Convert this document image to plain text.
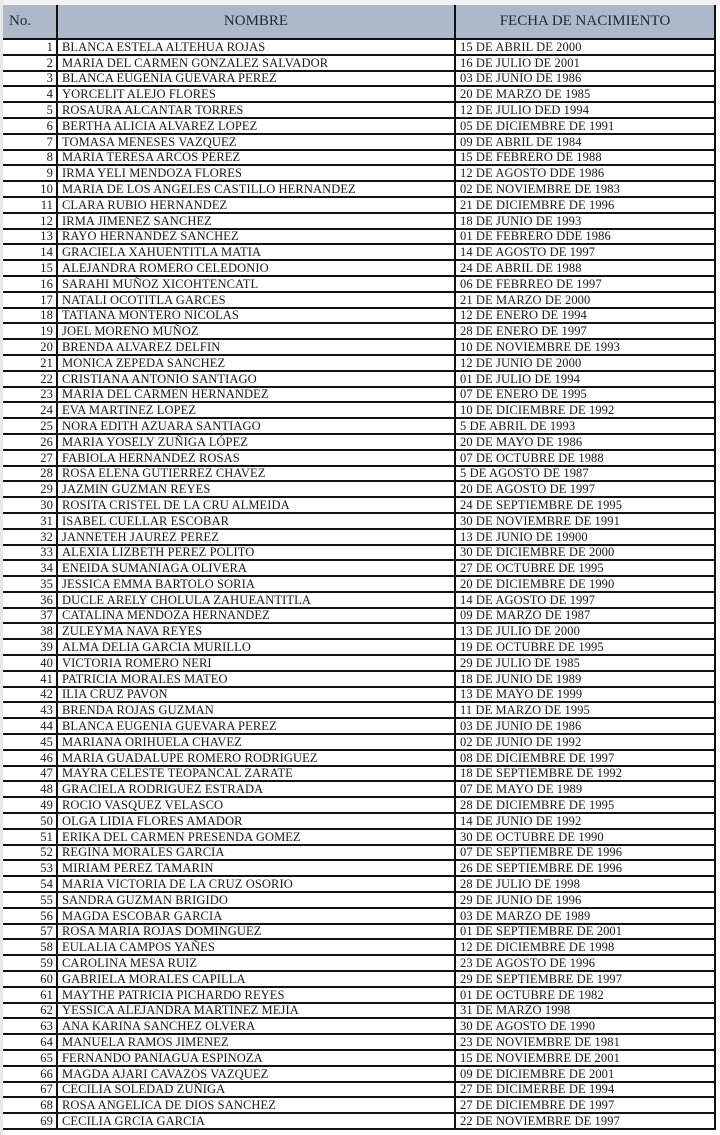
No.	NOMBRE	FECHA DE NACIMIENTO
1	BLANCA ESTELA ALTEHUA ROJAS	15 DE ABRIL DE 2000
2	MARIA DEL CARMEN GONZALEZ SALVADOR	16 DE JULIO DE 2001
3	BLANCA EUGENIA GUEVARA PEREZ	03 DE JUNIO DE 1986
4	YORCELIT ALEJO FLORES	20 DE MARZO DE 1985
5	ROSAURA ALCANTAR TORRES	12 DE JULIO DED 1994
6	BERTHA ALICIA ALVAREZ LOPEZ	05 DE DICIEMBRE DE 1991
7	TOMASA MENESES VAZQUEZ	09 DE ABRIL DE 1984
8	MARIA TERESA ARCOS PEREZ	15 DE FEBRERO DE 1988
9	IRMA YELI MENDOZA FLORES	12 DE AGOSTO DDE 1986
10	MARIA DE LOS ANGELES CASTILLO HERNANDEZ	02 DE NOVIEMBRE DE 1983
11	CLARA RUBIO HERNANDEZ	21 DE DICIEMBRE DE 1996
12	IRMA JIMENEZ SANCHEZ	18 DE JUNIO DE 1993
13	RAYO HERNANDEZ SANCHEZ	01 DE FEBRERO DDE 1986
14	GRACIELA XAHUENTITLA MATIA	14 DE AGOSTO DE 1997
15	ALEJANDRA ROMERO CELEDONIO	24 DE ABRIL DE 1988
16	SARAHI MUÑOZ XICOHTENCATL	06 DE FEBRREO DE 1997
17	NATALI OCOTITLA GARCES	21 DE MARZO DE 2000
18	TATIANA MONTERO NICOLAS	12 DE ENERO DE 1994
19	JOEL MORENO MUÑOZ	28 DE ENERO DE 1997
20	BRENDA ALVAREZ DELFIN	10 DE NOVIEMBRE DE 1993
21	MONICA ZEPEDA SANCHEZ	12 DE JUNIO DE 2000
22	CRISTIANA ANTONIO SANTIAGO	01 DE JULIO DE 1994
23	MARIA DEL CARMEN HERNANDEZ	07 DE ENERO DE 1995
24	EVA MARTINEZ LOPEZ	10 DE DICIEMBRE DE 1992
25	NORA EDITH AZUARA SANTIAGO	5 DE ABRIL DE 1993
26	MARIA YOSELY ZUÑIGA LÓPEZ	20 DE MAYO DE 1986
27	FABIOLA HERNANDEZ ROSAS	07 DE OCTUBRE DE 1988
28	ROSA ELENA GUTIERREZ CHAVEZ	5 DE AGOSTO DE 1987
29	JAZMIN GUZMAN REYES	20 DE AGOSTO DE 1997
30	ROSITA CRISTEL DE LA CRU ALMEIDA	24 DE SEPTIEMBRE DE 1995
31	ISABEL CUELLAR ESCOBAR	30 DE NOVIEMBRE DE 1991
32	JANNETEH JAUREZ PEREZ	13 DE JUNIO DE 19900
33	ALEXIA LIZBETH PEREZ POLITO	30 DE DICIEMBRE DE 2000
34	ENEIDA SUMANIAGA OLIVERA	27 DE OCTUBRE DE 1995
35	JESSICA EMMA BARTOLO SORIA	20 DE DICIEMBRE DE 1990
36	DUCLE ARELY CHOLULA ZAHUEANTITLA	14 DE AGOSTO DE 1997
37	CATALINA MENDOZA HERNANDEZ	09 DE MARZO DE 1987
38	ZULEYMA NAVA REYES	13 DE JULIO DE 2000
39	ALMA DELIA GARCIA MURILLO	19 DE OCTUBRE DE 1995
40	VICTORIA ROMERO NERI	29 DE JULIO DE 1985
41	PATRICIA MORALES MATEO	18 DE JUNIO DE 1989
42	ILIA CRUZ PAVON	13 DE MAYO DE 1999
43	BRENDA ROJAS GUZMAN	11 DE MARZO DE 1995
44	BLANCA EUGENIA GUEVARA PEREZ	03 DE JUNIO DE 1986
45	MARIANA ORIHUELA CHAVEZ	02 DE JUNIO DE 1992
46	MARIA GUADALUPE ROMERO RODRIGUEZ	08 DE DICIEMBRE DE 1997
47	MAYRA CELESTE TEOPANCAL ZARATE	18 DE SEPTIEMBRE DE 1992
48	GRACIELA RODRIGUEZ ESTRADA	07 DE MAYO DE 1989
49	ROCIO VASQUEZ VELASCO	28 DE DICIEMBRE DE 1995
50	OLGA LIDIA FLORES AMADOR	14 DE JUNIO DE 1992
51	ERIKA DEL CARMEN PRESENDA GOMEZ	30 DE OCTUBRE DE 1990
52	REGINA MORALES GARCIA	07 DE SEPTIEMBRE DE 1996
53	MIRIAM PEREZ TAMARIN	26 DE SEPTIEMBRE DE 1996
54	MARIA VICTORIA DE LA CRUZ OSORIO	28 DE JULIO DE 1998
55	SANDRA GUZMAN BRIGIDO	29 DE JUNIO DE 1996
56	MAGDA ESCOBAR GARCIA	03 DE MARZO DE 1989
57	ROSA MARIA ROJAS DOMINGUEZ	01 DE SEPTIEMBRE DE 2001
58	EULALIA CAMPOS YAÑES	12 DE DICIEMBRE DE 1998
59	CAROLINA MESA RUIZ	23 DE AGOSTO DE 1996
60	GABRIELA MORALES CAPILLA	29 DE SEPTIEMBRE DE 1997
61	MAYTHE PATRICIA PICHARDO REYES	01 DE OCTUBRE DE 1982
62	YESSICA ALEJANDRA MARTINEZ MEJIA	31 DE MARZO 1998
63	ANA KARINA SANCHEZ OLVERA	30 DE AGOSTO DE 1990
64	MANUELA RAMOS JIMENEZ	23 DE NOVIEMBRE DE 1981
65	FERNANDO PANIAGUA ESPINOZA	15 DE NOVIEMBRE DE 2001
66	MAGDA AJARI CAVAZOS VAZQUEZ	09 DE DICIEMBRE DE 2001
67	CECILIA SOLEDAD ZUÑIGA	27 DE DICIMERBE DE 1994
68	ROSA ANGELICA DE DIOS SANCHEZ	27 DE DICIEMBRE DE 1997
69	CECILIA GRCIA GARCIA	22 DE NOVIEMBRE DE 1997
